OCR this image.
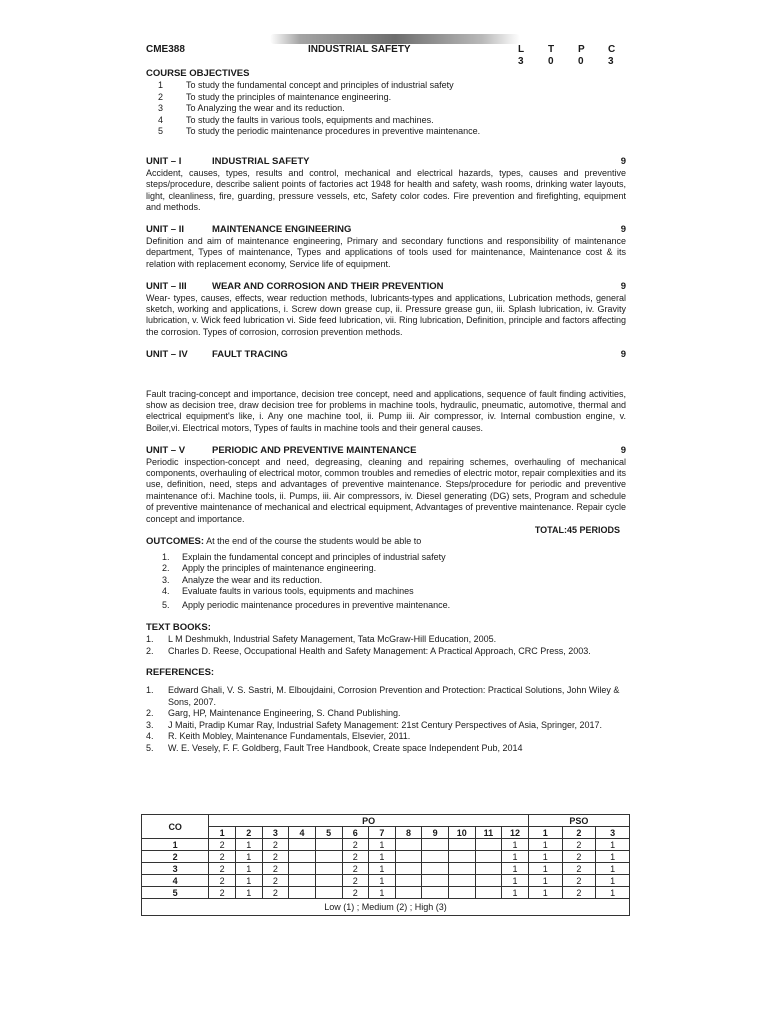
CME388	INDUSTRIAL SAFETY	L	T	P	C
3	0	0	3
COURSE OBJECTIVES
1	To study the fundamental concept and principles of industrial safety
2	To study the principles of maintenance engineering.
3	To Analyzing the wear and its reduction.
4	To study the faults in various tools, equipments and machines.
5	To study the periodic maintenance procedures in preventive maintenance.
UNIT – I	INDUSTRIAL SAFETY	9
Accident, causes, types, results and control, mechanical and electrical hazards, types, causes and preventive steps/procedure, describe salient points of factories act 1948 for health and safety, wash rooms, drinking water layouts, light, cleanliness, fire, guarding, pressure vessels, etc, Safety color codes. Fire prevention and firefighting, equipment and methods.
UNIT – II	MAINTENANCE ENGINEERING	9
Definition and aim of maintenance engineering, Primary and secondary functions and responsibility of maintenance department, Types of maintenance, Types and applications of tools used for maintenance, Maintenance cost & its relation with replacement economy, Service life of equipment.
UNIT – III	WEAR AND CORROSION AND THEIR PREVENTION	9
Wear- types, causes, effects, wear reduction methods, lubricants-types and applications, Lubrication methods, general sketch, working and applications, i. Screw down grease cup, ii. Pressure grease gun, iii. Splash lubrication, iv. Gravity lubrication, v. Wick feed lubrication vi. Side feed lubrication, vii. Ring lubrication, Definition, principle and factors affecting the corrosion. Types of corrosion, corrosion prevention methods.
UNIT – IV	FAULT TRACING	9
Fault tracing-concept and importance, decision tree concept, need and applications, sequence of fault finding activities, show as decision tree, draw decision tree for problems in machine tools, hydraulic, pneumatic, automotive, thermal and electrical equipment's like, i. Any one machine tool, ii. Pump iii. Air compressor, iv. Internal combustion engine, v. Boiler,vi. Electrical motors, Types of faults in machine tools and their general causes.
UNIT – V	PERIODIC AND PREVENTIVE MAINTENANCE	9
Periodic inspection-concept and need, degreasing, cleaning and repairing schemes, overhauling of mechanical components, overhauling of electrical motor, common troubles and remedies of electric motor, repair complexities and its use, definition, need, steps and advantages of preventive maintenance. Steps/procedure for periodic and preventive maintenance of:i. Machine tools, ii. Pumps, iii. Air compressors, iv. Diesel generating (DG) sets, Program and schedule of preventive maintenance of mechanical and electrical equipment, Advantages of preventive maintenance. Repair cycle concept and importance.
TOTAL:45 PERIODS
OUTCOMES: At the end of the course the students would be able to
1.	Explain the fundamental concept and principles of industrial safety
2.	Apply the principles of maintenance engineering.
3.	Analyze the wear and its reduction.
4.	Evaluate faults in various tools, equipments and machines
5.	Apply periodic maintenance procedures in preventive maintenance.
TEXT BOOKS:
1.	L M Deshmukh, Industrial Safety Management, Tata McGraw-Hill Education, 2005.
2.	Charles D. Reese, Occupational Health and Safety Management: A Practical Approach, CRC Press, 2003.
REFERENCES:
1.	Edward Ghali, V. S. Sastri, M. Elboujdaini, Corrosion Prevention and Protection: Practical Solutions, John Wiley & Sons, 2007.
2.	Garg, HP, Maintenance Engineering, S. Chand Publishing.
3.	J Maiti, Pradip Kumar Ray, Industrial Safety Management: 21st Century Perspectives of Asia, Springer, 2017.
4.	R. Keith Mobley, Maintenance Fundamentals, Elsevier, 2011.
5.	W. E. Vesely, F. F. Goldberg, Fault Tree Handbook, Create space Independent Pub, 2014
CO	PO												PSO		
	1	2	3	4	5	6	7	8	9	10	11	12	1	2	3
1	2	1	2			2	1					1	1	2	1
2	2	1	2			2	1					1	1	2	1
3	2	1	2			2	1					1	1	2	1
4	2	1	2			2	1					1	1	2	1
5	2	1	2			2	1					1	1	2	1
Low (1) ; Medium (2) ; High (3)															
